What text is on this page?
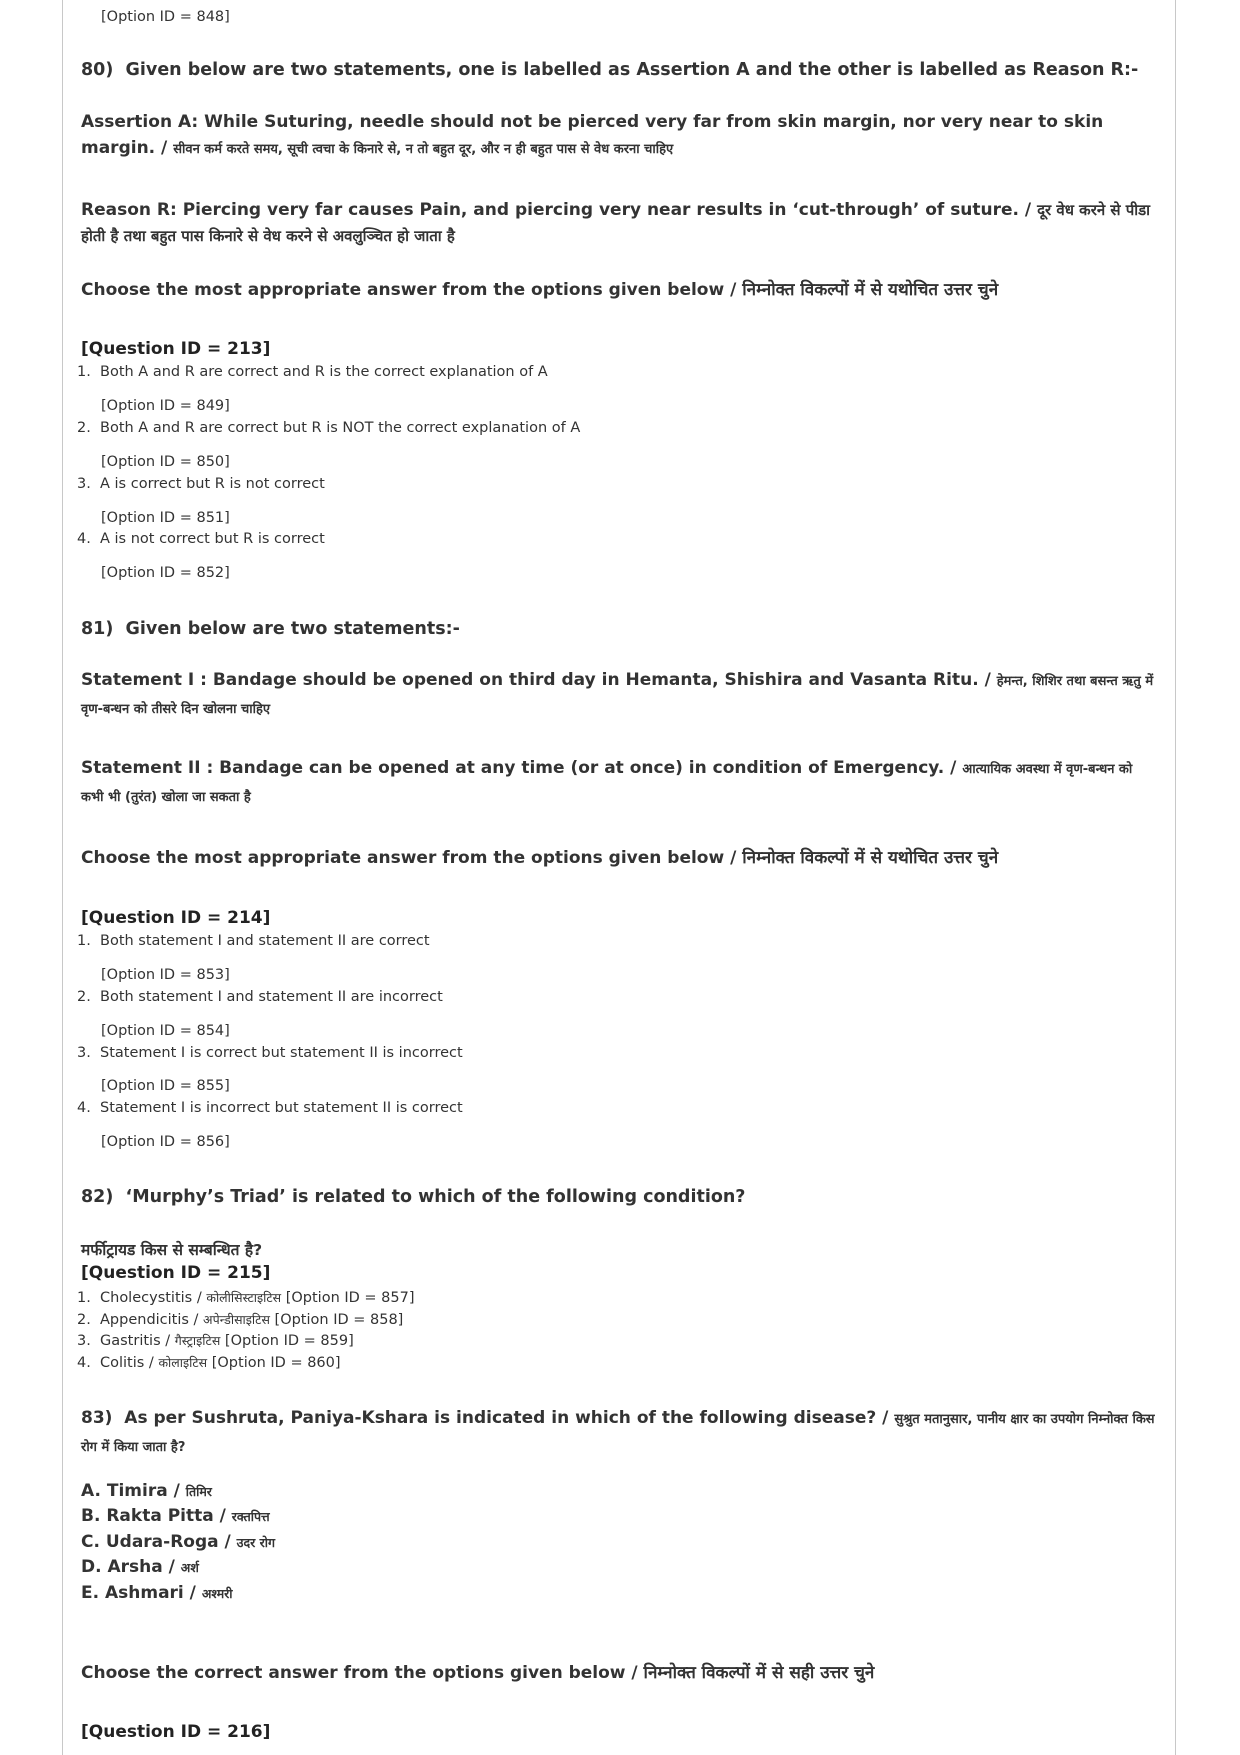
[Option ID = 848]
80) Given below are two statements, one is labelled as Assertion A and the other is labelled as Reason R:-
Assertion A: While Suturing, needle should not be pierced very far from skin margin, nor very near to skin margin. / सीवन कर्म करते समय, सूची त्वचा के किनारे से, न तो बहुत दूर, और न ही बहुत पास से वेध करना चाहिए
Reason R: Piercing very far causes Pain, and piercing very near results in ‘cut-through’ of suture. / दूर वेध करने से पीडा होती है तथा बहुत पास किनारे से वेध करने से अवलुञ्चित हो जाता है
Choose the most appropriate answer from the options given below / निम्नोक्त विकल्पों में से यथोचित उत्तर चुने
[Question ID = 213]
1. Both A and R are correct and R is the correct explanation of A
[Option ID = 849]
2. Both A and R are correct but R is NOT the correct explanation of A
[Option ID = 850]
3. A is correct but R is not correct
[Option ID = 851]
4. A is not correct but R is correct
[Option ID = 852]
81) Given below are two statements:-
Statement I : Bandage should be opened on third day in Hemanta, Shishira and Vasanta Ritu. / हेमन्त, शिशिर तथा बसन्त ऋतु में वृण-बन्धन को तीसरे दिन खोलना चाहिए
Statement II : Bandage can be opened at any time (or at once) in condition of Emergency. / आत्यायिक अवस्था में वृण-बन्धन को कभी भी (तुरंत) खोला जा सकता है
Choose the most appropriate answer from the options given below / निम्नोक्त विकल्पों में से यथोचित उत्तर चुने
[Question ID = 214]
1. Both statement I and statement II are correct
[Option ID = 853]
2. Both statement I and statement II are incorrect
[Option ID = 854]
3. Statement I is correct but statement II is incorrect
[Option ID = 855]
4. Statement I is incorrect but statement II is correct
[Option ID = 856]
82) ‘Murphy’s Triad’ is related to which of the following condition?
मर्फीट्रायड किस से सम्बन्धित है?
[Question ID = 215]
1. Cholecystitis / कोलीसिस्टाइटिस [Option ID = 857]
2. Appendicitis / अपेन्डीसाइटिस [Option ID = 858]
3. Gastritis / गैस्ट्राइटिस [Option ID = 859]
4. Colitis / कोलाइटिस [Option ID = 860]
83) As per Sushruta, Paniya-Kshara is indicated in which of the following disease? / सुश्रुत मतानुसार, पानीय क्षार का उपयोग निम्नोक्त किस रोग में किया जाता है?
A. Timira / तिमिर
B. Rakta Pitta / रक्तपित्त
C. Udara-Roga / उदर रोग
D. Arsha / अर्श
E. Ashmari / अश्मरी
Choose the correct answer from the options given below / निम्नोक्त विकल्पों में से सही उत्तर चुने
[Question ID = 216]
